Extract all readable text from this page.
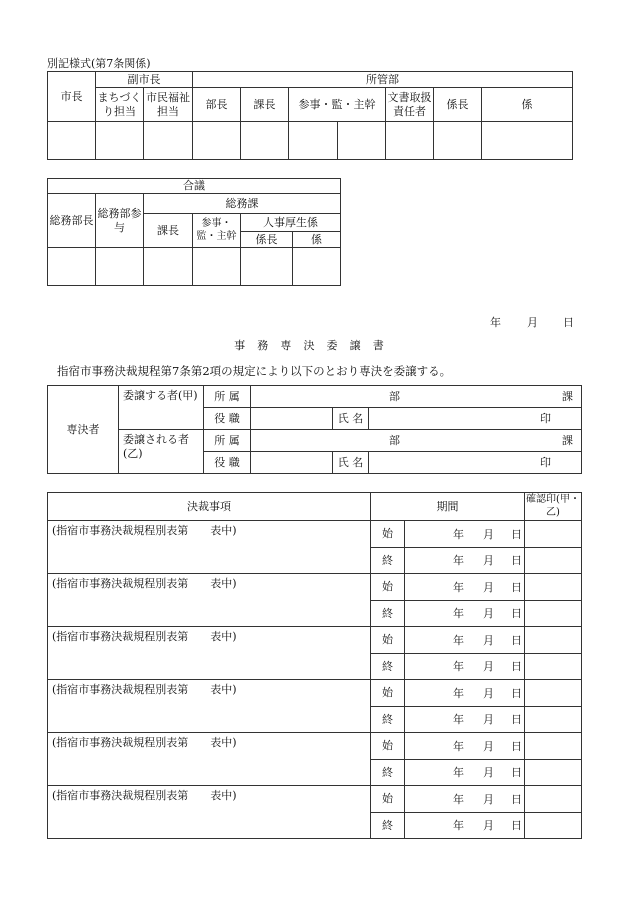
別記様式(第7条関係)
市長	副市長		所管部						
	まちづくり担当	市民福祉担当	部長	課長	参事・監・主幹		文書取扱責任者	係長	係

合議					
総務部長	総務部参与	総務課			
		課長	参事・監・主幹	人事厚生係	
				係長	係

年 月 日
事務専決委譲書
指宿市事務決裁規程第7条第2項の規定により以下のとおり専決を委譲する。
専決者	委譲する者(甲)	所 属	部 課		

		役 職		氏 名	印
	委譲される者(乙)	所 属	部 課		

		役 職		氏 名	印
決裁事項	期間		確認印(甲・乙)
(指宿市事務決裁規程別表第　　表中)	始	年 月 日	

	終	年 月 日	

(指宿市事務決裁規程別表第　　表中)	始	年 月 日	

	終	年 月 日	

(指宿市事務決裁規程別表第　　表中)	始	年 月 日	

	終	年 月 日	

(指宿市事務決裁規程別表第　　表中)	始	年 月 日	

	終	年 月 日	

(指宿市事務決裁規程別表第　　表中)	始	年 月 日	

	終	年 月 日	

(指宿市事務決裁規程別表第　　表中)	始	年 月 日	

	終	年 月 日	
